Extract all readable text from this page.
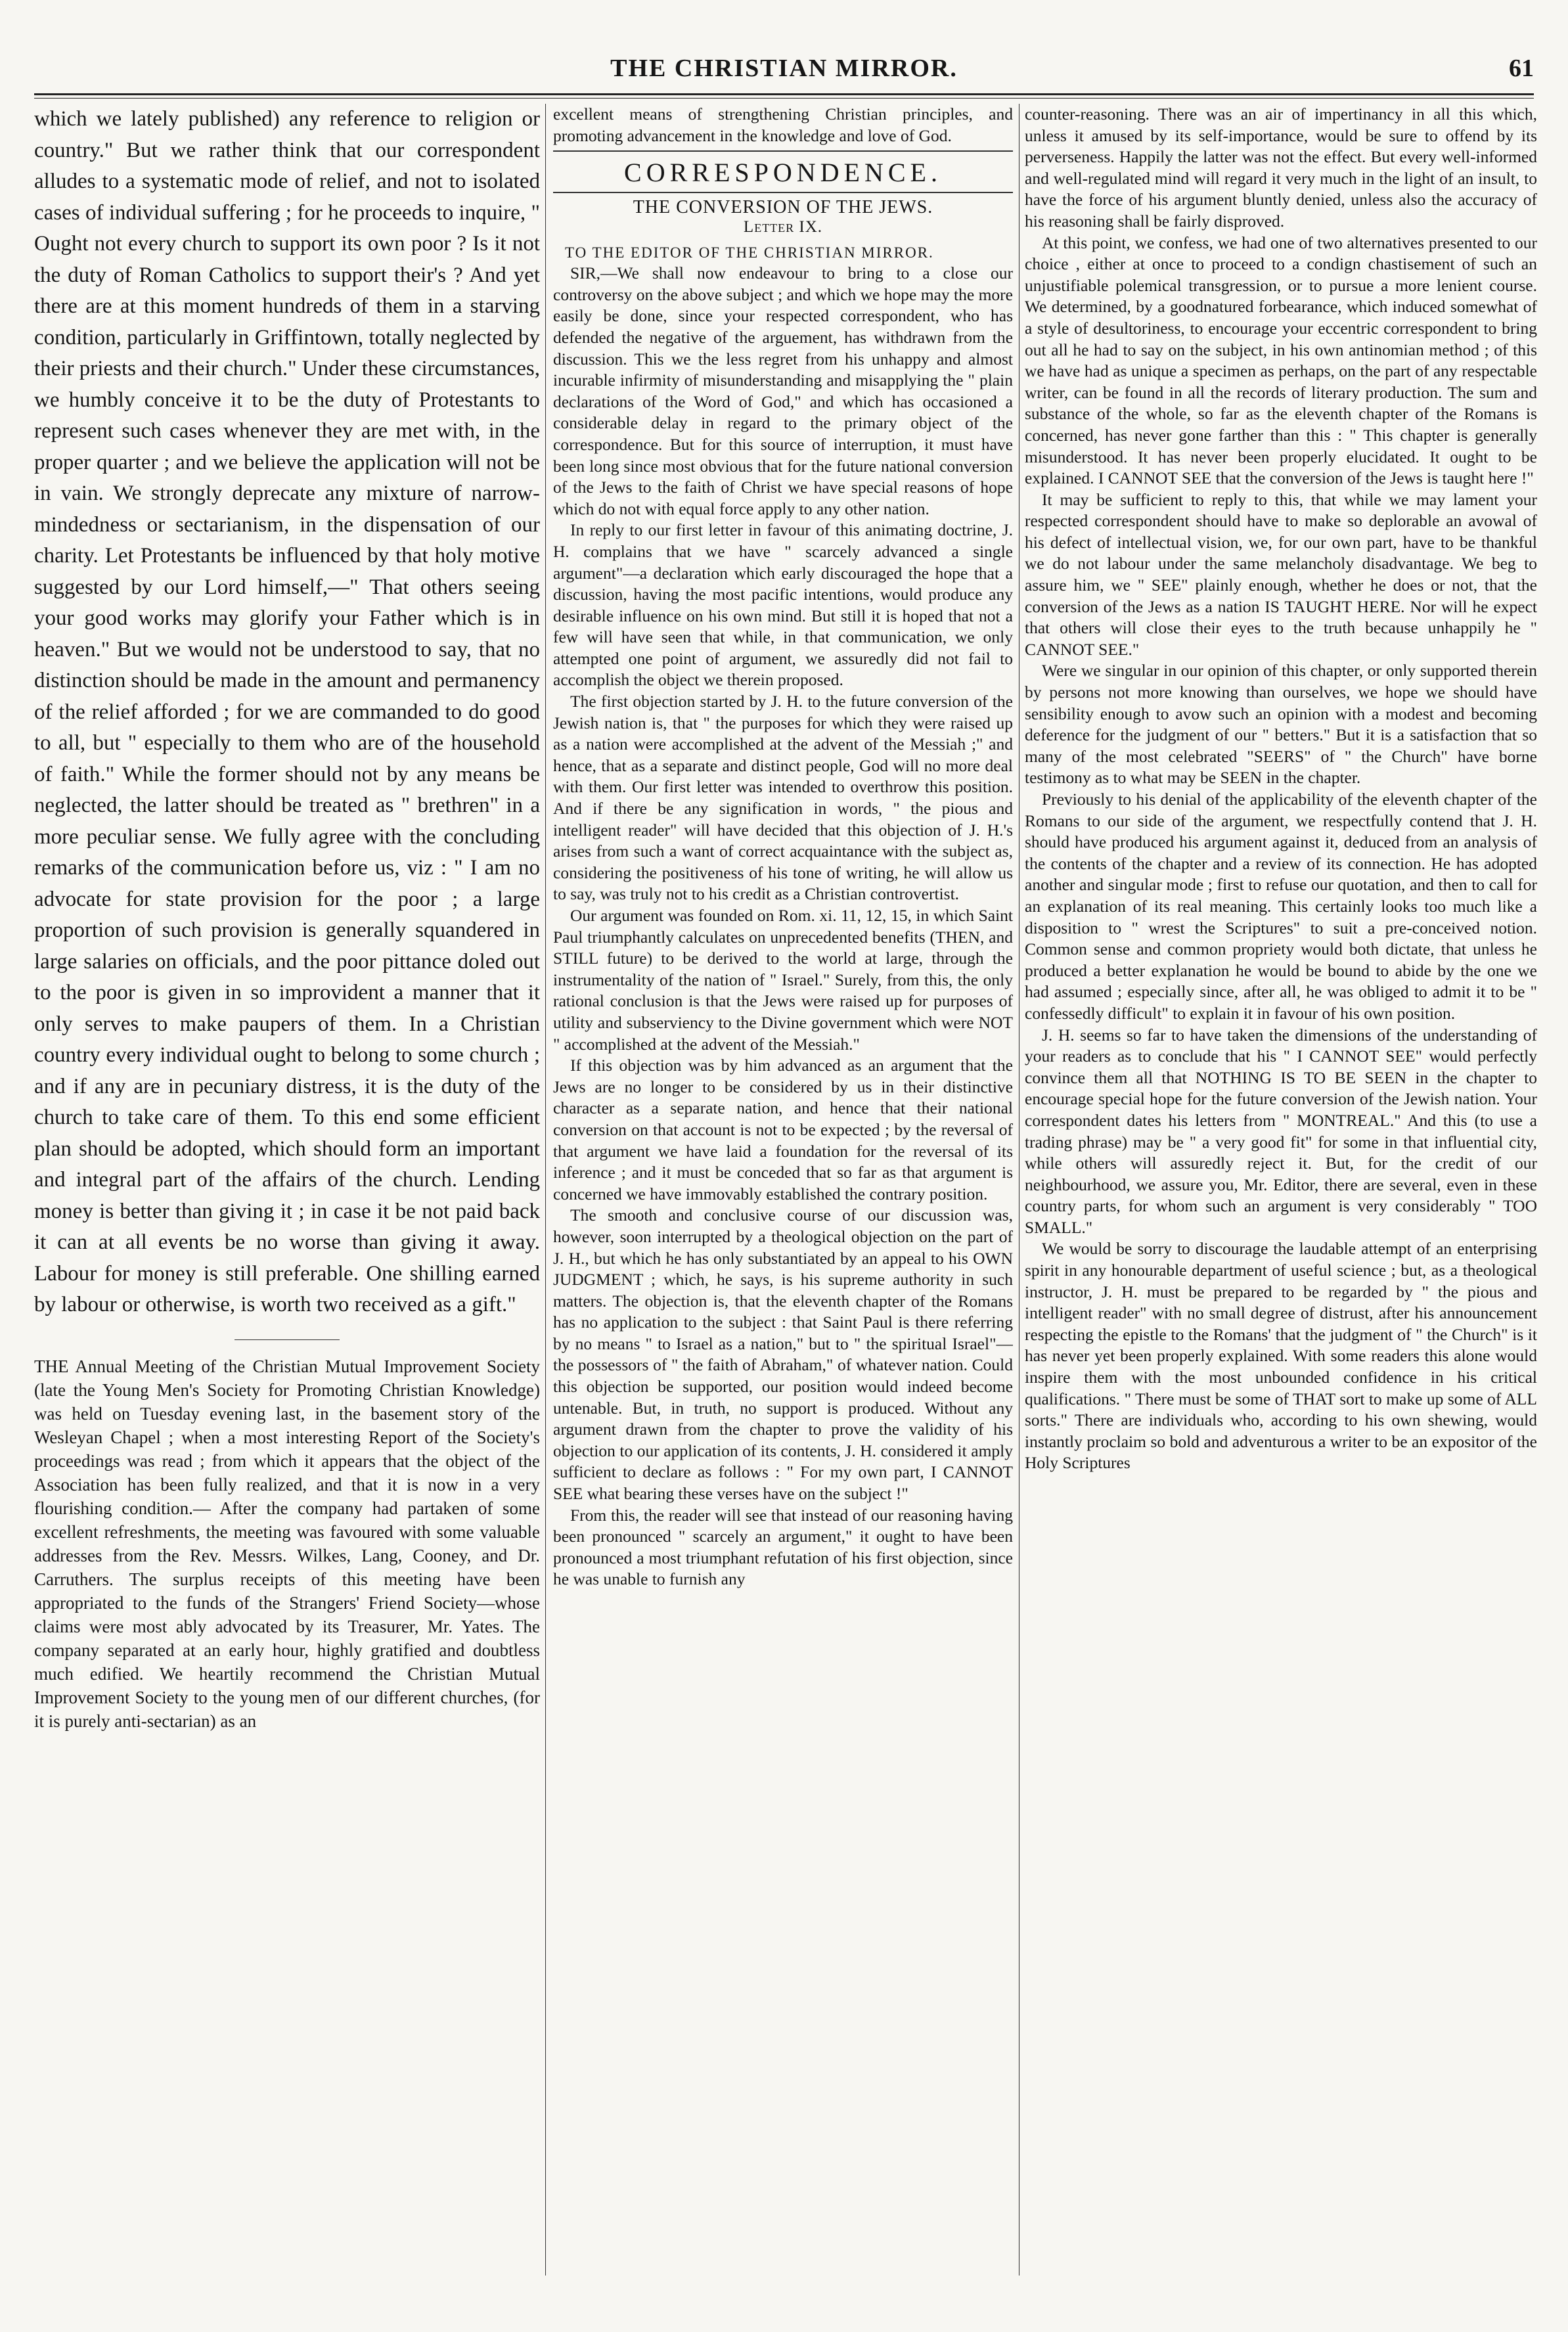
THE CHRISTIAN MIRROR.	61

which we lately published) any reference to religion or country." But we rather think that our correspondent alludes to a systematic mode of relief, and not to isolated cases of individual suffering ; for he proceeds to inquire, " Ought not every church to support its own poor ? Is it not the duty of Roman Catholics to support their's ? And yet there are at this moment hundreds of them in a starving condition, particularly in Griffintown, totally neglected by their priests and their church." Under these circumstances, we humbly conceive it to be the duty of Protestants to represent such cases whenever they are met with, in the proper quarter ; and we believe the application will not be in vain. We strongly deprecate any mixture of narrow-mindedness or sectarianism, in the dispensation of our charity. Let Protestants be influenced by that holy motive suggested by our Lord himself,—" That others seeing your good works may glorify your Father which is in heaven." But we would not be understood to say, that no distinction should be made in the amount and permanency of the relief afforded ; for we are commanded to do good to all, but " especially to them who are of the household of faith." While the former should not by any means be neglected, the latter should be treated as " brethren" in a more peculiar sense. We fully agree with the concluding remarks of the communication before us, viz : " I am no advocate for state provision for the poor ; a large proportion of such provision is generally squandered in large salaries on officials, and the poor pittance doled out to the poor is given in so improvident a manner that it only serves to make paupers of them. In a Christian country every individual ought to belong to some church ; and if any are in pecuniary distress, it is the duty of the church to take care of them. To this end some efficient plan should be adopted, which should form an important and integral part of the affairs of the church. Lending money is better than giving it ; in case it be not paid back it can at all events be no worse than giving it away. Labour for money is still preferable. One shilling earned by labour or otherwise, is worth two received as a gift."

THE Annual Meeting of the Christian Mutual Improvement Society (late the Young Men's Society for Promoting Christian Knowledge) was held on Tuesday evening last, in the basement story of the Wesleyan Chapel ; when a most interesting Report of the Society's proceedings was read ; from which it appears that the object of the Association has been fully realized, and that it is now in a very flourishing condition.— After the company had partaken of some excellent refreshments, the meeting was favoured with some valuable addresses from the Rev. Messrs. Wilkes, Lang, Cooney, and Dr. Carruthers. The surplus receipts of this meeting have been appropriated to the funds of the Strangers' Friend Society—whose claims were most ably advocated by its Treasurer, Mr. Yates. The company separated at an early hour, highly gratified and doubtless much edified. We heartily recommend the Christian Mutual Improvement Society to the young men of our different churches, (for it is purely anti-sectarian) as an

excellent means of strengthening Christian principles, and promoting advancement in the knowledge and love of God.

CORRESPONDENCE.
THE CONVERSION OF THE JEWS.
Letter IX.
TO THE EDITOR OF THE CHRISTIAN MIRROR.

SIR,—We shall now endeavour to bring to a close our controversy on the above subject ; and which we hope may the more easily be done, since your respected correspondent, who has defended the negative of the arguement, has withdrawn from the discussion. This we the less regret from his unhappy and almost incurable infirmity of misunderstanding and misapplying the " plain declarations of the Word of God," and which has occasioned a considerable delay in regard to the primary object of the correspondence. But for this source of interruption, it must have been long since most obvious that for the future national conversion of the Jews to the faith of Christ we have special reasons of hope which do not with equal force apply to any other nation.

In reply to our first letter in favour of this animating doctrine, J. H. complains that we have " scarcely advanced a single argument"—a declaration which early discouraged the hope that a discussion, having the most pacific intentions, would produce any desirable influence on his own mind. But still it is hoped that not a few will have seen that while, in that communication, we only attempted one point of argument, we assuredly did not fail to accomplish the object we therein proposed.

The first objection started by J. H. to the future conversion of the Jewish nation is, that " the purposes for which they were raised up as a nation were accomplished at the advent of the Messiah ;" and hence, that as a separate and distinct people, God will no more deal with them. Our first letter was intended to overthrow this position. And if there be any signification in words, " the pious and intelligent reader" will have decided that this objection of J. H.'s arises from such a want of correct acquaintance with the subject as, considering the positiveness of his tone of writing, he will allow us to say, was truly not to his credit as a Christian controvertist.

Our argument was founded on Rom. xi. 11, 12, 15, in which Saint Paul triumphantly calculates on unprecedented benefits (THEN, and STILL future) to be derived to the world at large, through the instrumentality of the nation of " Israel." Surely, from this, the only rational conclusion is that the Jews were raised up for purposes of utility and subserviency to the Divine government which were NOT " accomplished at the advent of the Messiah."

If this objection was by him advanced as an argument that the Jews are no longer to be considered by us in their distinctive character as a separate nation, and hence that their national conversion on that account is not to be expected ; by the reversal of that argument we have laid a foundation for the reversal of its inference ; and it must be conceded that so far as that argument is concerned we have immovably established the contrary position.

The smooth and conclusive course of our discussion was, however, soon interrupted by a theological objection on the part of J. H., but which he has only substantiated by an appeal to his OWN JUDGMENT ; which, he says, is his supreme authority in such matters. The objection is, that the eleventh chapter of the Romans has no application to the subject : that Saint Paul is there referring by no means " to Israel as a nation," but to " the spiritual Israel"—the possessors of " the faith of Abraham," of whatever nation. Could this objection be supported, our position would indeed become untenable. But, in truth, no support is produced. Without any argument drawn from the chapter to prove the validity of his objection to our application of its contents, J. H. considered it amply sufficient to declare as follows : " For my own part, I CANNOT SEE what bearing these verses have on the subject !"

From this, the reader will see that instead of our reasoning having been pronounced " scarcely an argument," it ought to have been pronounced a most triumphant refutation of his first objection, since he was unable to furnish any

counter-reasoning. There was an air of impertinancy in all this which, unless it amused by its self-importance, would be sure to offend by its perverseness. Happily the latter was not the effect. But every well-informed and well-regulated mind will regard it very much in the light of an insult, to have the force of his argument bluntly denied, unless also the accuracy of his reasoning shall be fairly disproved.

At this point, we confess, we had one of two alternatives presented to our choice , either at once to proceed to a condign chastisement of such an unjustifiable polemical transgression, or to pursue a more lenient course. We determined, by a goodnatured forbearance, which induced somewhat of a style of desultoriness, to encourage your eccentric correspondent to bring out all he had to say on the subject, in his own antinomian method ; of this we have had as unique a specimen as perhaps, on the part of any respectable writer, can be found in all the records of literary production. The sum and substance of the whole, so far as the eleventh chapter of the Romans is concerned, has never gone farther than this : " This chapter is generally misunderstood. It has never been properly elucidated. It ought to be explained. I CANNOT SEE that the conversion of the Jews is taught here !"

It may be sufficient to reply to this, that while we may lament your respected correspondent should have to make so deplorable an avowal of his defect of intellectual vision, we, for our own part, have to be thankful we do not labour under the same melancholy disadvantage. We beg to assure him, we " SEE" plainly enough, whether he does or not, that the conversion of the Jews as a nation IS TAUGHT HERE. Nor will he expect that others will close their eyes to the truth because unhappily he " CANNOT SEE."

Were we singular in our opinion of this chapter, or only supported therein by persons not more knowing than ourselves, we hope we should have sensibility enough to avow such an opinion with a modest and becoming deference for the judgment of our " betters." But it is a satisfaction that so many of the most celebrated "SEERS" of " the Church" have borne testimony as to what may be SEEN in the chapter.

Previously to his denial of the applicability of the eleventh chapter of the Romans to our side of the argument, we respectfully contend that J. H. should have produced his argument against it, deduced from an analysis of the contents of the chapter and a review of its connection. He has adopted another and singular mode ; first to refuse our quotation, and then to call for an explanation of its real meaning. This certainly looks too much like a disposition to " wrest the Scriptures" to suit a pre-conceived notion. Common sense and common propriety would both dictate, that unless he produced a better explanation he would be bound to abide by the one we had assumed ; especially since, after all, he was obliged to admit it to be " confessedly difficult" to explain it in favour of his own position.

J. H. seems so far to have taken the dimensions of the understanding of your readers as to conclude that his " I CANNOT SEE" would perfectly convince them all that NOTHING IS TO BE SEEN in the chapter to encourage special hope for the future conversion of the Jewish nation. Your correspondent dates his letters from " MONTREAL." And this (to use a trading phrase) may be " a very good fit" for some in that influential city, while others will assuredly reject it. But, for the credit of our neighbourhood, we assure you, Mr. Editor, there are several, even in these country parts, for whom such an argument is very considerably " TOO SMALL."

We would be sorry to discourage the laudable attempt of an enterprising spirit in any honourable department of useful science ; but, as a theological instructor, J. H. must be prepared to be regarded by " the pious and intelligent reader" with no small degree of distrust, after his announcement respecting the epistle to the Romans' that the judgment of " the Church" is it has never yet been properly explained. With some readers this alone would inspire them with the most unbounded confidence in his critical qualifications. " There must be some of THAT sort to make up some of ALL sorts." There are individuals who, according to his own shewing, would instantly proclaim so bold and adventurous a writer to be an expositor of the Holy Scriptures
